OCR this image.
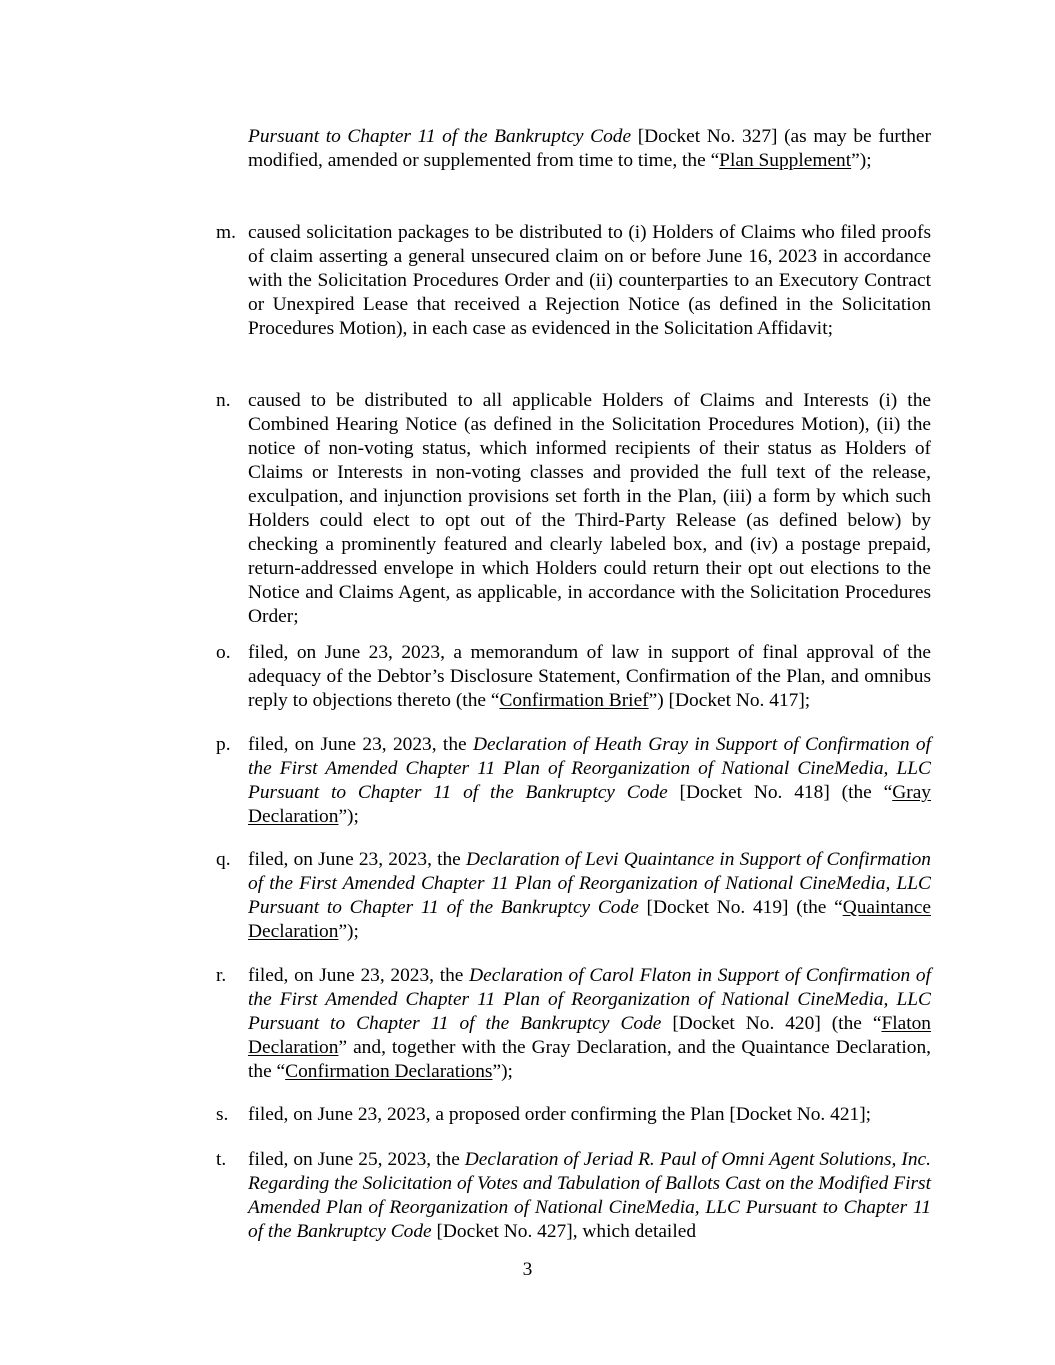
Pursuant to Chapter 11 of the Bankruptcy Code [Docket No. 327] (as may be further modified, amended or supplemented from time to time, the “Plan Supplement”);
m. caused solicitation packages to be distributed to (i) Holders of Claims who filed proofs of claim asserting a general unsecured claim on or before June 16, 2023 in accordance with the Solicitation Procedures Order and (ii) counterparties to an Executory Contract or Unexpired Lease that received a Rejection Notice (as defined in the Solicitation Procedures Motion), in each case as evidenced in the Solicitation Affidavit;
n. caused to be distributed to all applicable Holders of Claims and Interests (i) the Combined Hearing Notice (as defined in the Solicitation Procedures Motion), (ii) the notice of non-voting status, which informed recipients of their status as Holders of Claims or Interests in non-voting classes and provided the full text of the release, exculpation, and injunction provisions set forth in the Plan, (iii) a form by which such Holders could elect to opt out of the Third-Party Release (as defined below) by checking a prominently featured and clearly labeled box, and (iv) a postage prepaid, return-addressed envelope in which Holders could return their opt out elections to the Notice and Claims Agent, as applicable, in accordance with the Solicitation Procedures Order;
o. filed, on June 23, 2023, a memorandum of law in support of final approval of the adequacy of the Debtor’s Disclosure Statement, Confirmation of the Plan, and omnibus reply to objections thereto (the “Confirmation Brief”) [Docket No. 417];
p. filed, on June 23, 2023, the Declaration of Heath Gray in Support of Confirmation of the First Amended Chapter 11 Plan of Reorganization of National CineMedia, LLC Pursuant to Chapter 11 of the Bankruptcy Code [Docket No. 418] (the “Gray Declaration”);
q. filed, on June 23, 2023, the Declaration of Levi Quaintance in Support of Confirmation of the First Amended Chapter 11 Plan of Reorganization of National CineMedia, LLC Pursuant to Chapter 11 of the Bankruptcy Code [Docket No. 419] (the “Quaintance Declaration”);
r.	filed, on June 23, 2023, the Declaration of Carol Flaton in Support of Confirmation of the First Amended Chapter 11 Plan of Reorganization of National CineMedia, LLC Pursuant to Chapter 11 of the Bankruptcy Code [Docket No. 420] (the “Flaton Declaration” and, together with the Gray Declaration, and the Quaintance Declaration, the “Confirmation Declarations”);
s.	filed, on June 23, 2023, a proposed order confirming the Plan [Docket No. 421];
t.	filed, on June 25, 2023, the Declaration of Jeriad R. Paul of Omni Agent Solutions, Inc. Regarding the Solicitation of Votes and Tabulation of Ballots Cast on the Modified First Amended Plan of Reorganization of National CineMedia, LLC Pursuant to Chapter 11 of the Bankruptcy Code [Docket No. 427], which detailed
3
